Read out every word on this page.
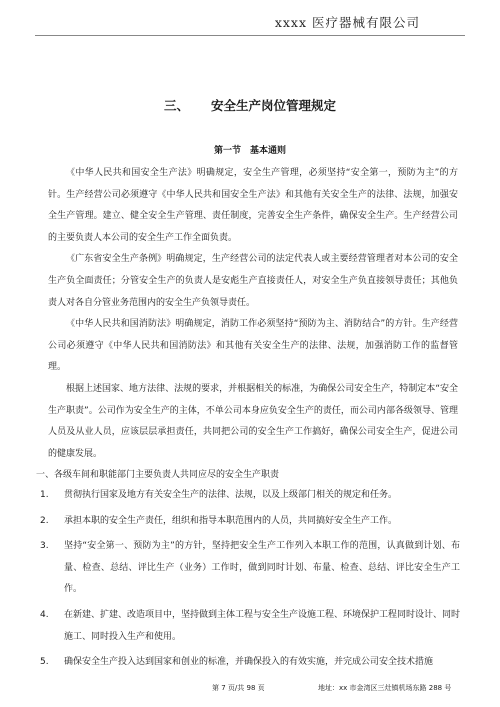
xxxx 医疗器械有限公司
三、 安全生产岗位管理规定
第一节 基本通则

《中华人民共和国安全生产法》明确规定，安全生产管理，必须坚持“安全第一，预防为主”的方针。生产经营公司必须遵守《中华人民共和国安全生产法》和其他有关安全生产的法律、法规，加强安全生产管理。建立、健全安全生产管理、责任制度，完善安全生产条件，确保安全生产。生产经营公司的主要负责人本公司的安全生产工作全面负责。

《广东省安全生产条例》明确规定，生产经营公司的法定代表人或主要经营管理者对本公司的安全生产负全面责任；分管安全生产的负责人是安彪生产直接责任人，对安全生产负直接领导责任；其他负责人对各自分管业务范围内的安全生产负领导责任。

《中华人民共和国消防法》明确规定，消防工作必须坚持“预防为主、消防结合”的方针。生产经营公司必须遵守《中华人民共和国消防法》和其他有关安全生产的法律、法规，加强消防工作的监督管理。

根据上述国家、地方法律、法规的要求，并根据相关的标准，为确保公司安全生产，特制定本“安全生产职责”。公司作为安全生产的主体，不单公司本身应负安全生产的责任，而公司内部各级领导、管理人员及从业人员，应该层层承担责任，共同把公司的安全生产工作搞好，确保公司安全生产，促进公司的健康发展。

一、各级车间和职能部门主要负责人共同应尽的安全生产职责

1. 贯彻执行国家及地方有关安全生产的法律、法规，以及上级部门相关的规定和任务。
2. 承担本职的安全生产责任，组织和指导本职范围内的人员，共同搞好安全生产工作。
3. 坚持“安全第一、预防为主”的方针，坚持把安全生产工作列入本职工作的范围，认真做到计划、布量、检查、总结、评比生产（业务）工作时，做到同时计划、布量、检查、总结、评比安全生产工作。
4. 在新建、扩建、改造项目中，坚持做到主体工程与安全生产设施工程、环境保护工程同时设计、同时施工、同时投入生产和使用。
5. 确保安全生产投入达到国家和创业的标准，并确保投入的有效实施，并完成公司安全技术措施
第 7 页/共 98 页	地址：xx 市金湾区三灶镇机场东路 288 号
